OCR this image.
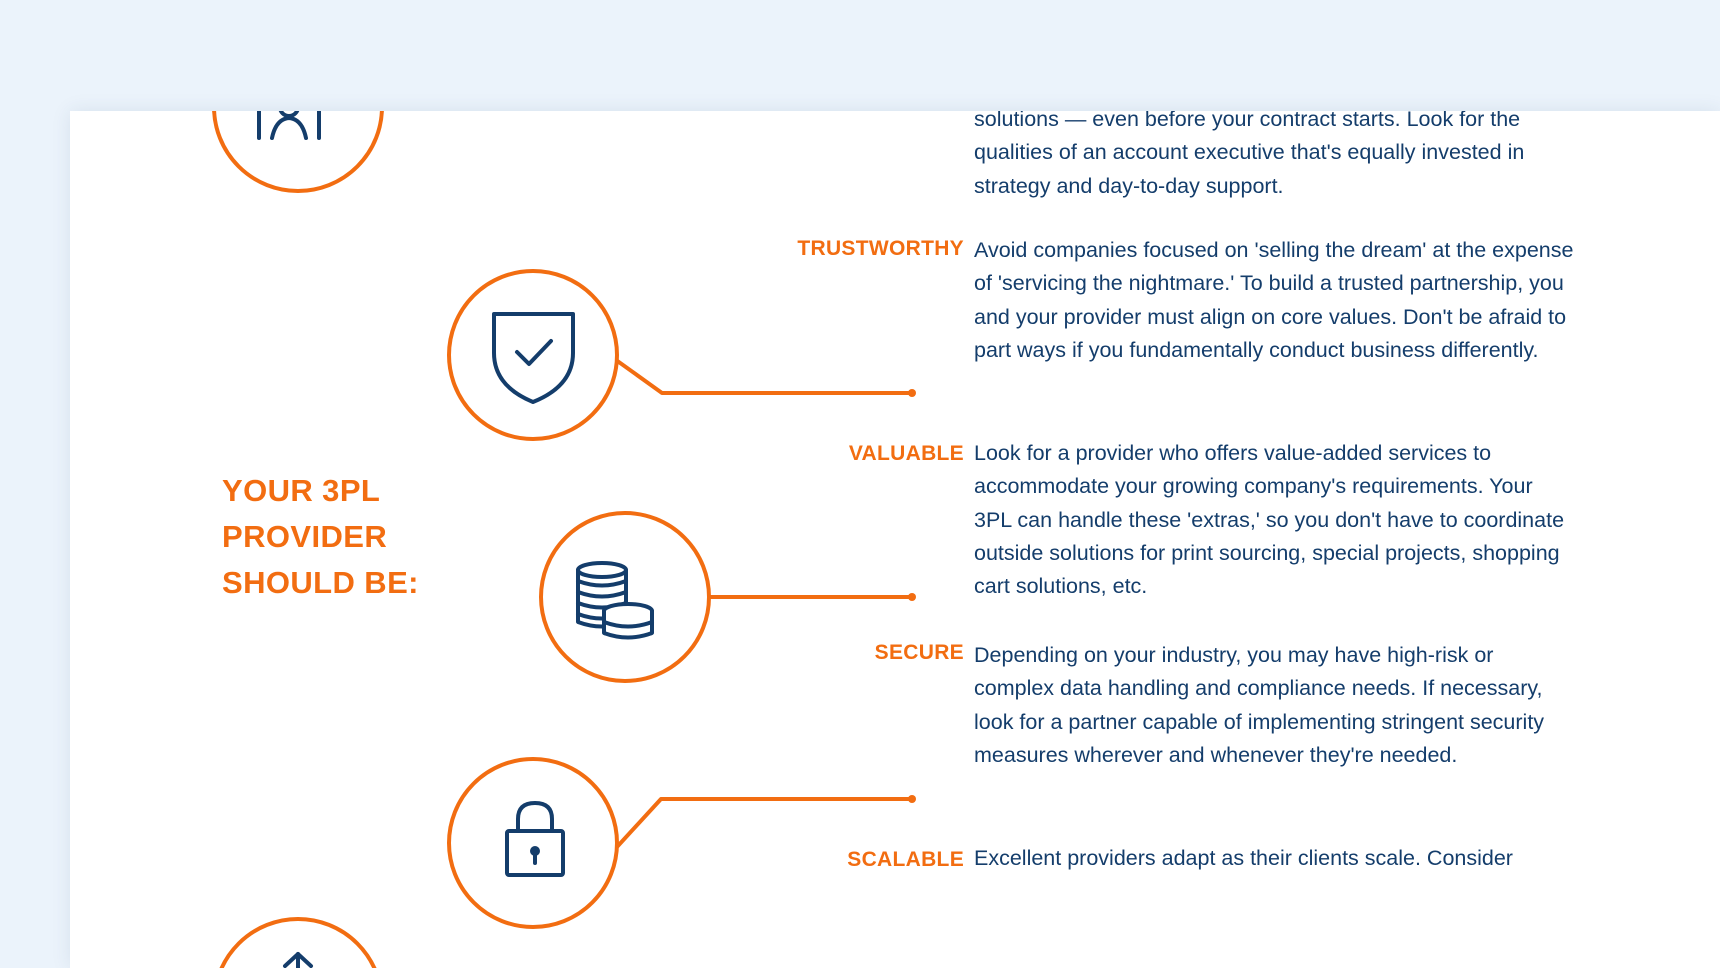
YOUR 3PL
PROVIDER
SHOULD BE:

solutions — even before your contract starts. Look for the qualities of an account executive that's equally invested in strategy and day-to-day support.

TRUSTWORTHY Avoid companies focused on 'selling the dream' at the expense of 'servicing the nightmare.' To build a trusted partnership, you and your provider must align on core values. Don't be afraid to part ways if you fundamentally conduct business differently.

VALUABLE Look for a provider who offers value-added services to accommodate your growing company's requirements. Your 3PL can handle these 'extras,' so you don't have to coordinate outside solutions for print sourcing, special projects, shopping cart solutions, etc.

SECURE Depending on your industry, you may have high-risk or complex data handling and compliance needs. If necessary, look for a partner capable of implementing stringent security measures wherever and whenever they're needed.

SCALABLE Excellent providers adapt as their clients scale. Consider
